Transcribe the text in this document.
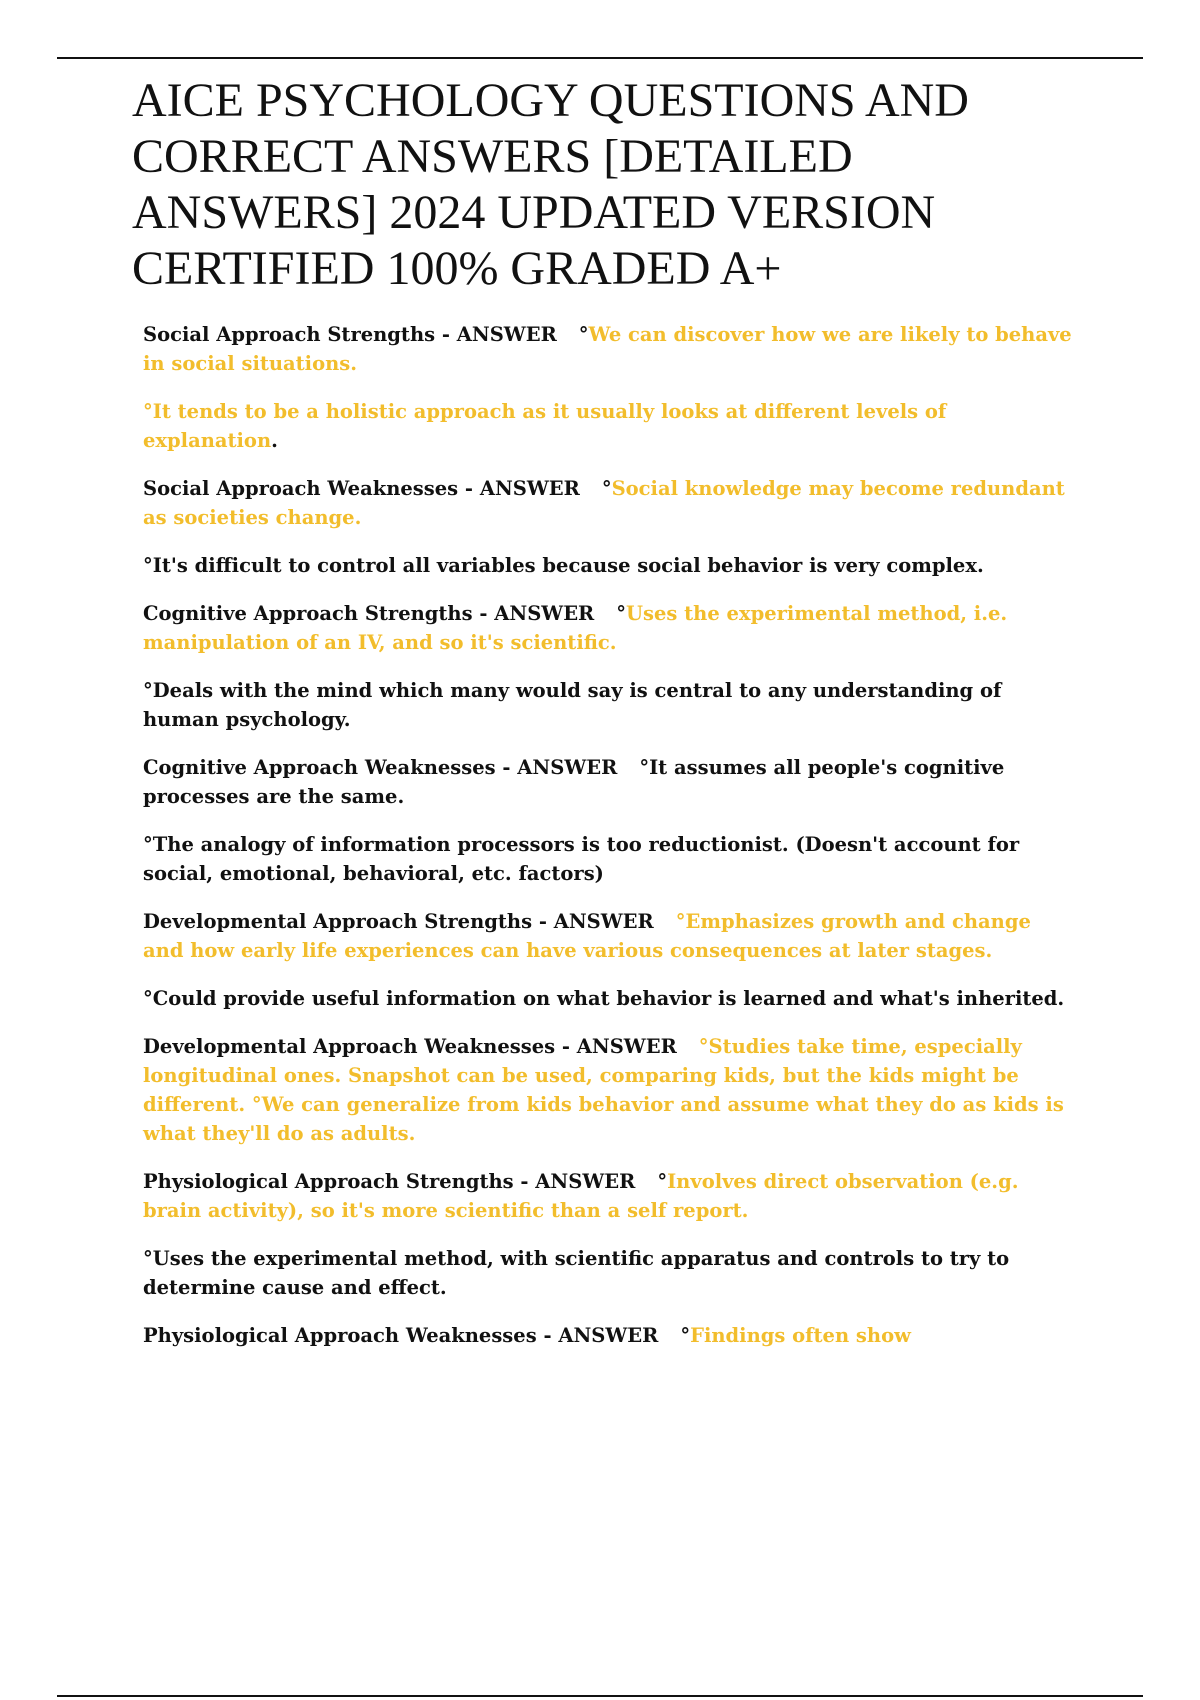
AICE PSYCHOLOGY QUESTIONS AND
CORRECT ANSWERS [DETAILED
ANSWERS] 2024 UPDATED VERSION
CERTIFIED 100% GRADED A+

Social Approach Strengths - ANSWER °We can discover how we are likely to behave in social situations.

°It tends to be a holistic approach as it usually looks at different levels of explanation.

Social Approach Weaknesses - ANSWER °Social knowledge may become redundant as societies change.

°It's difficult to control all variables because social behavior is very complex.

Cognitive Approach Strengths - ANSWER °Uses the experimental method, i.e. manipulation of an IV, and so it's scientific.

°Deals with the mind which many would say is central to any understanding of human psychology.

Cognitive Approach Weaknesses - ANSWER °It assumes all people's cognitive processes are the same.

°The analogy of information processors is too reductionist. (Doesn't account for social, emotional, behavioral, etc. factors)

Developmental Approach Strengths - ANSWER °Emphasizes growth and change and how early life experiences can have various consequences at later stages.

°Could provide useful information on what behavior is learned and what's inherited.

Developmental Approach Weaknesses - ANSWER °Studies take time, especially longitudinal ones. Snapshot can be used, comparing kids, but the kids might be different. °We can generalize from kids behavior and assume what they do as kids is what they'll do as adults.

Physiological Approach Strengths - ANSWER °Involves direct observation (e.g. brain activity), so it's more scientific than a self report.

°Uses the experimental method, with scientific apparatus and controls to try to determine cause and effect.

Physiological Approach Weaknesses - ANSWER °Findings often show
